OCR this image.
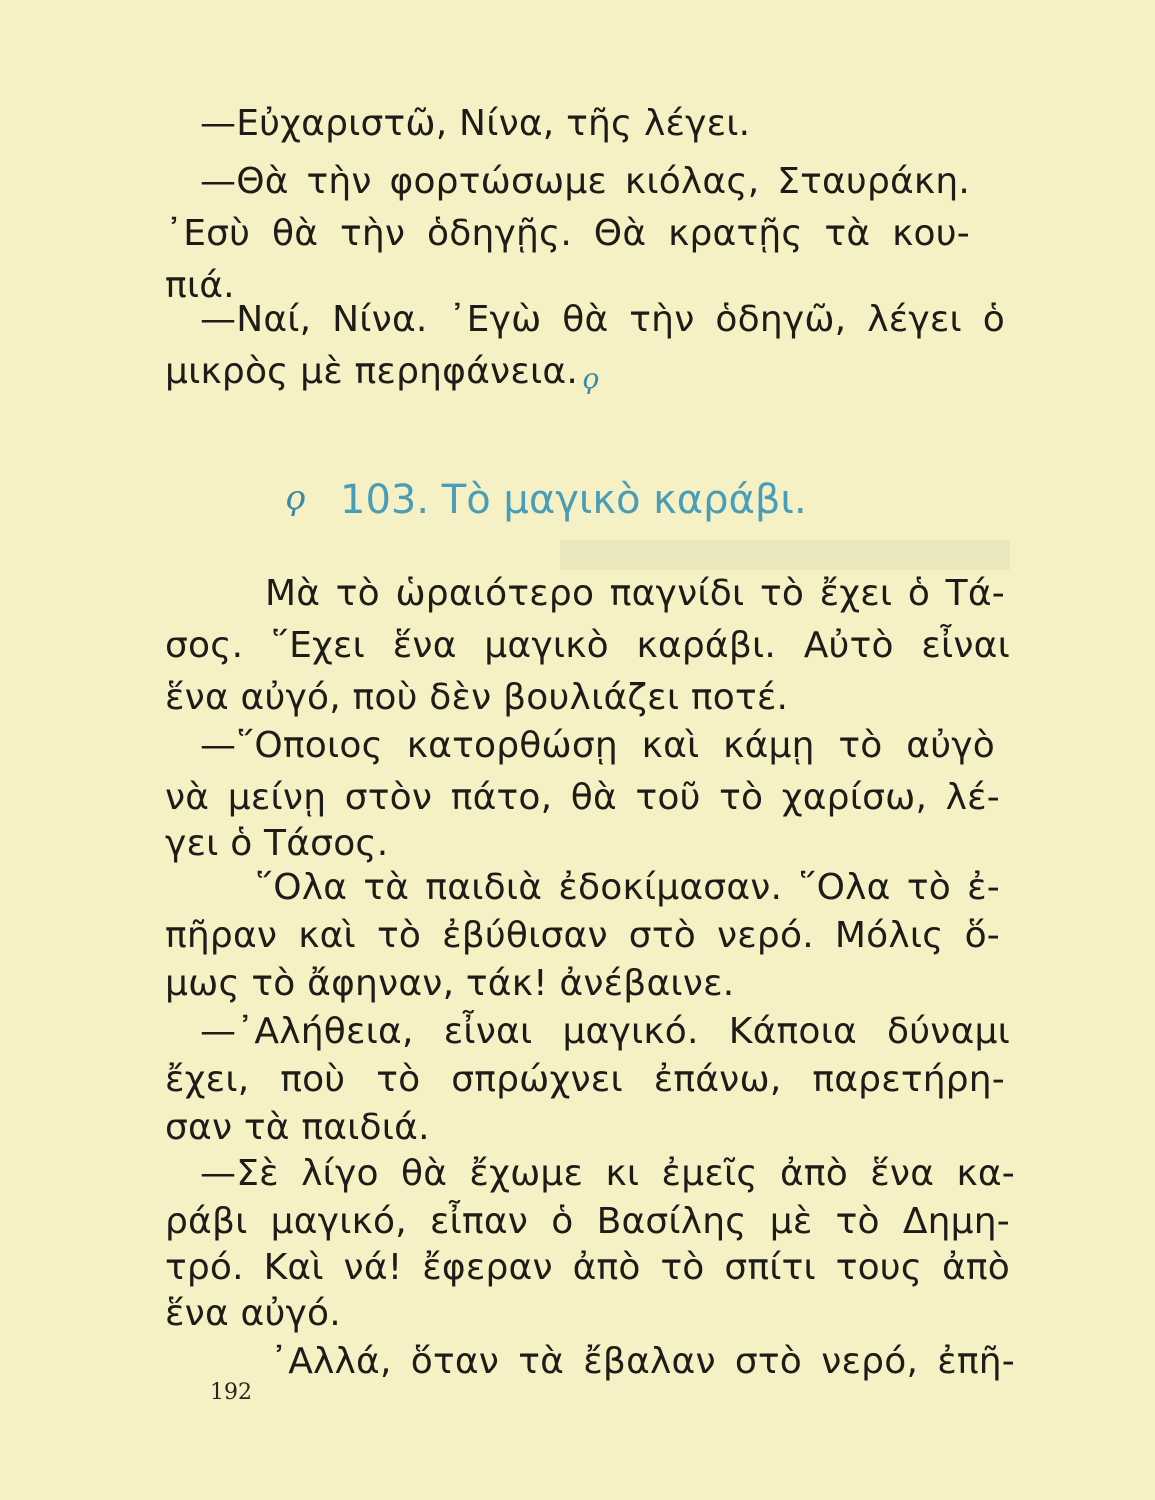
—Εὐχαριστῶ, Νίνα, τῆς λέγει.
—Θὰ τὴν φορτώσωμε κιόλας, Σταυράκη.
᾿Εσὺ θὰ τὴν ὁδηγῇς. Θὰ κρατῇς τὰ κου-
πιά.
—Ναί, Νίνα. ᾿Εγὼ θὰ τὴν ὁδηγῶ, λέγει ὁ
μικρὸς μὲ περηφάνεια. ϙ
ϙ 103. Τὸ μαγικὸ καράβι.
Μὰ τὸ ὡραιότερο παγνίδι τὸ ἔχει ὁ Τά-
σος. ῞Εχει ἕνα μαγικὸ καράβι. Αὐτὸ εἶναι
ἕνα αὐγό, ποὺ δὲν βουλιάζει ποτέ.
—῞Οποιος κατορθώσῃ καὶ κάμῃ τὸ αὐγὸ
νὰ μείνῃ στὸν πάτο, θὰ τοῦ τὸ χαρίσω, λέ-
γει ὁ Τάσος.
῞Ολα τὰ παιδιὰ ἐδοκίμασαν. ῞Ολα τὸ ἐ-
πῆραν καὶ τὸ ἐβύθισαν στὸ νερό. Μόλις ὅ-
μως τὸ ἄφηναν, τάκ! ἀνέβαινε.
—᾿Αλήθεια, εἶναι μαγικό. Κάποια δύναμι
ἔχει, ποὺ τὸ σπρώχνει ἐπάνω, παρετήρη-
σαν τὰ παιδιά.
—Σὲ λίγο θὰ ἔχωμε κι ἐμεῖς ἀπὸ ἕνα κα-
ράβι μαγικό, εἶπαν ὁ Βασίλης μὲ τὸ Δημη-
τρό. Καὶ νά! ἔφεραν ἀπὸ τὸ σπίτι τους ἀπὸ
ἕνα αὐγό.
᾿Αλλά, ὅταν τὰ ἔβαλαν στὸ νερό, ἐπῆ-
192
